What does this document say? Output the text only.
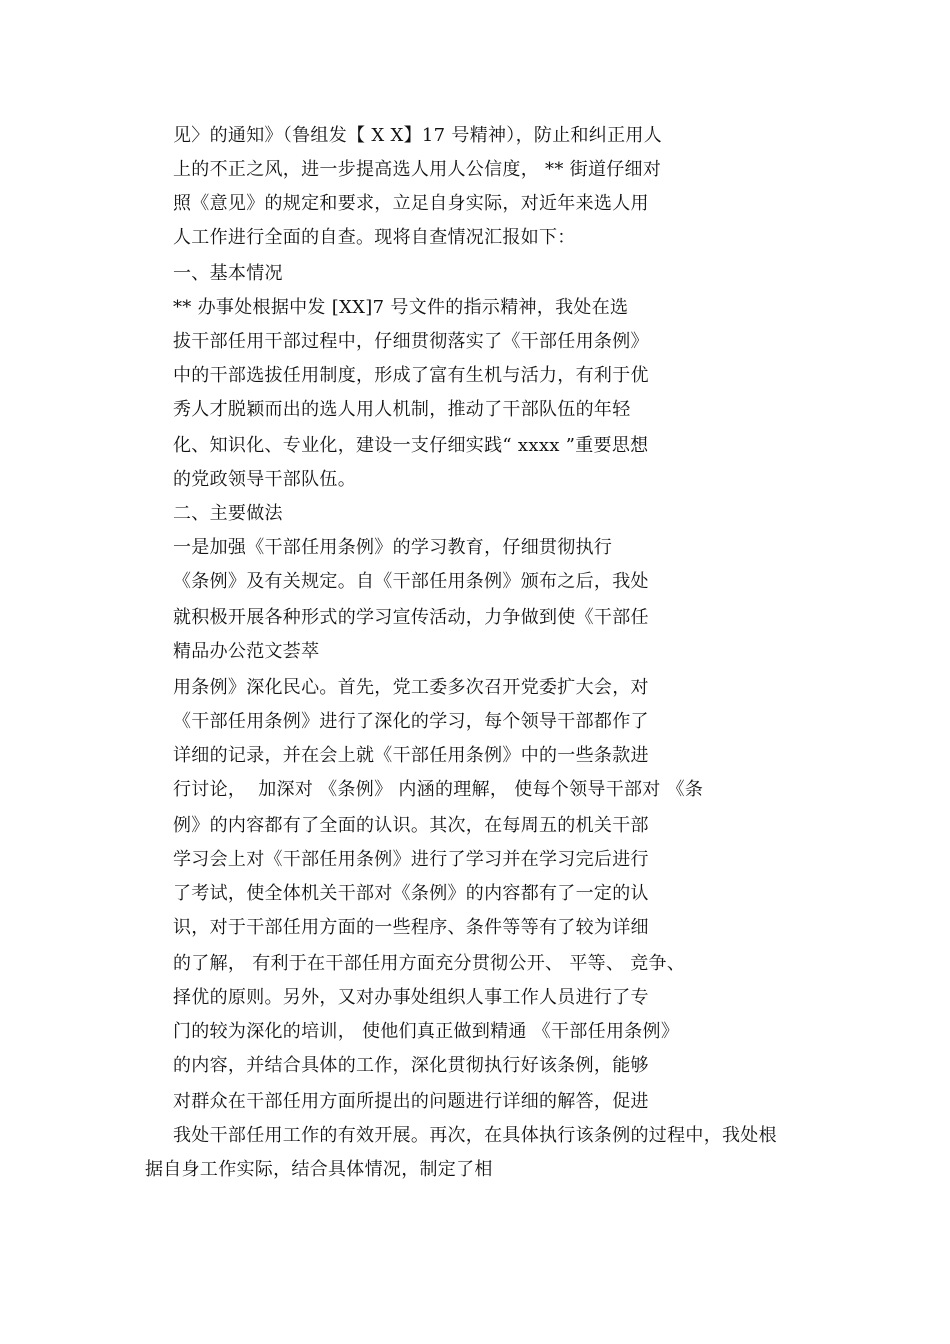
见〉的通知》（鲁组发【 X X】17 号精神），防止和纠正用人
上的不正之风，进一步提高选人用人公信度， ** 街道仔细对
照《意见》的规定和要求，立足自身实际，对近年来选人用
人工作进行全面的自查。现将自查情况汇报如下：
一、基本情况
** 办事处根据中发 [XX]7 号文件的指示精神，我处在选
拔干部任用干部过程中，仔细贯彻落实了《干部任用条例》
中的干部选拔任用制度，形成了富有生机与活力，有利于优
秀人才脱颖而出的选人用人机制，推动了干部队伍的年轻
化、知识化、专业化，建设一支仔细实践“ xxxx ”重要思想
的党政领导干部队伍。
二、主要做法
一是加强《干部任用条例》的学习教育，仔细贯彻执行
《条例》及有关规定。自《干部任用条例》颁布之后，我处
就积极开展各种形式的学习宣传活动，力争做到使《干部任
精品办公范文荟萃
用条例》深化民心。首先，党工委多次召开党委扩大会，对
《干部任用条例》进行了深化的学习，每个领导干部都作了
详细的记录，并在会上就《干部任用条例》中的一些条款进
行讨论，  加深对 《条例》 内涵的理解， 使每个领导干部对 《条
例》的内容都有了全面的认识。其次，在每周五的机关干部
学习会上对《干部任用条例》进行了学习并在学习完后进行
了考试，使全体机关干部对《条例》的内容都有了一定的认
识，对于干部任用方面的一些程序、条件等等有了较为详细
的了解， 有利于在干部任用方面充分贯彻公开、 平等、 竞争、
择优的原则。另外，又对办事处组织人事工作人员进行了专
门的较为深化的培训， 使他们真正做到精通 《干部任用条例》
的内容，并结合具体的工作，深化贯彻执行好该条例，能够
对群众在干部任用方面所提出的问题进行详细的解答，促进
我处干部任用工作的有效开展。再次，在具体执行该条例的过程中，我处根
据自身工作实际，结合具体情况，制定了相
